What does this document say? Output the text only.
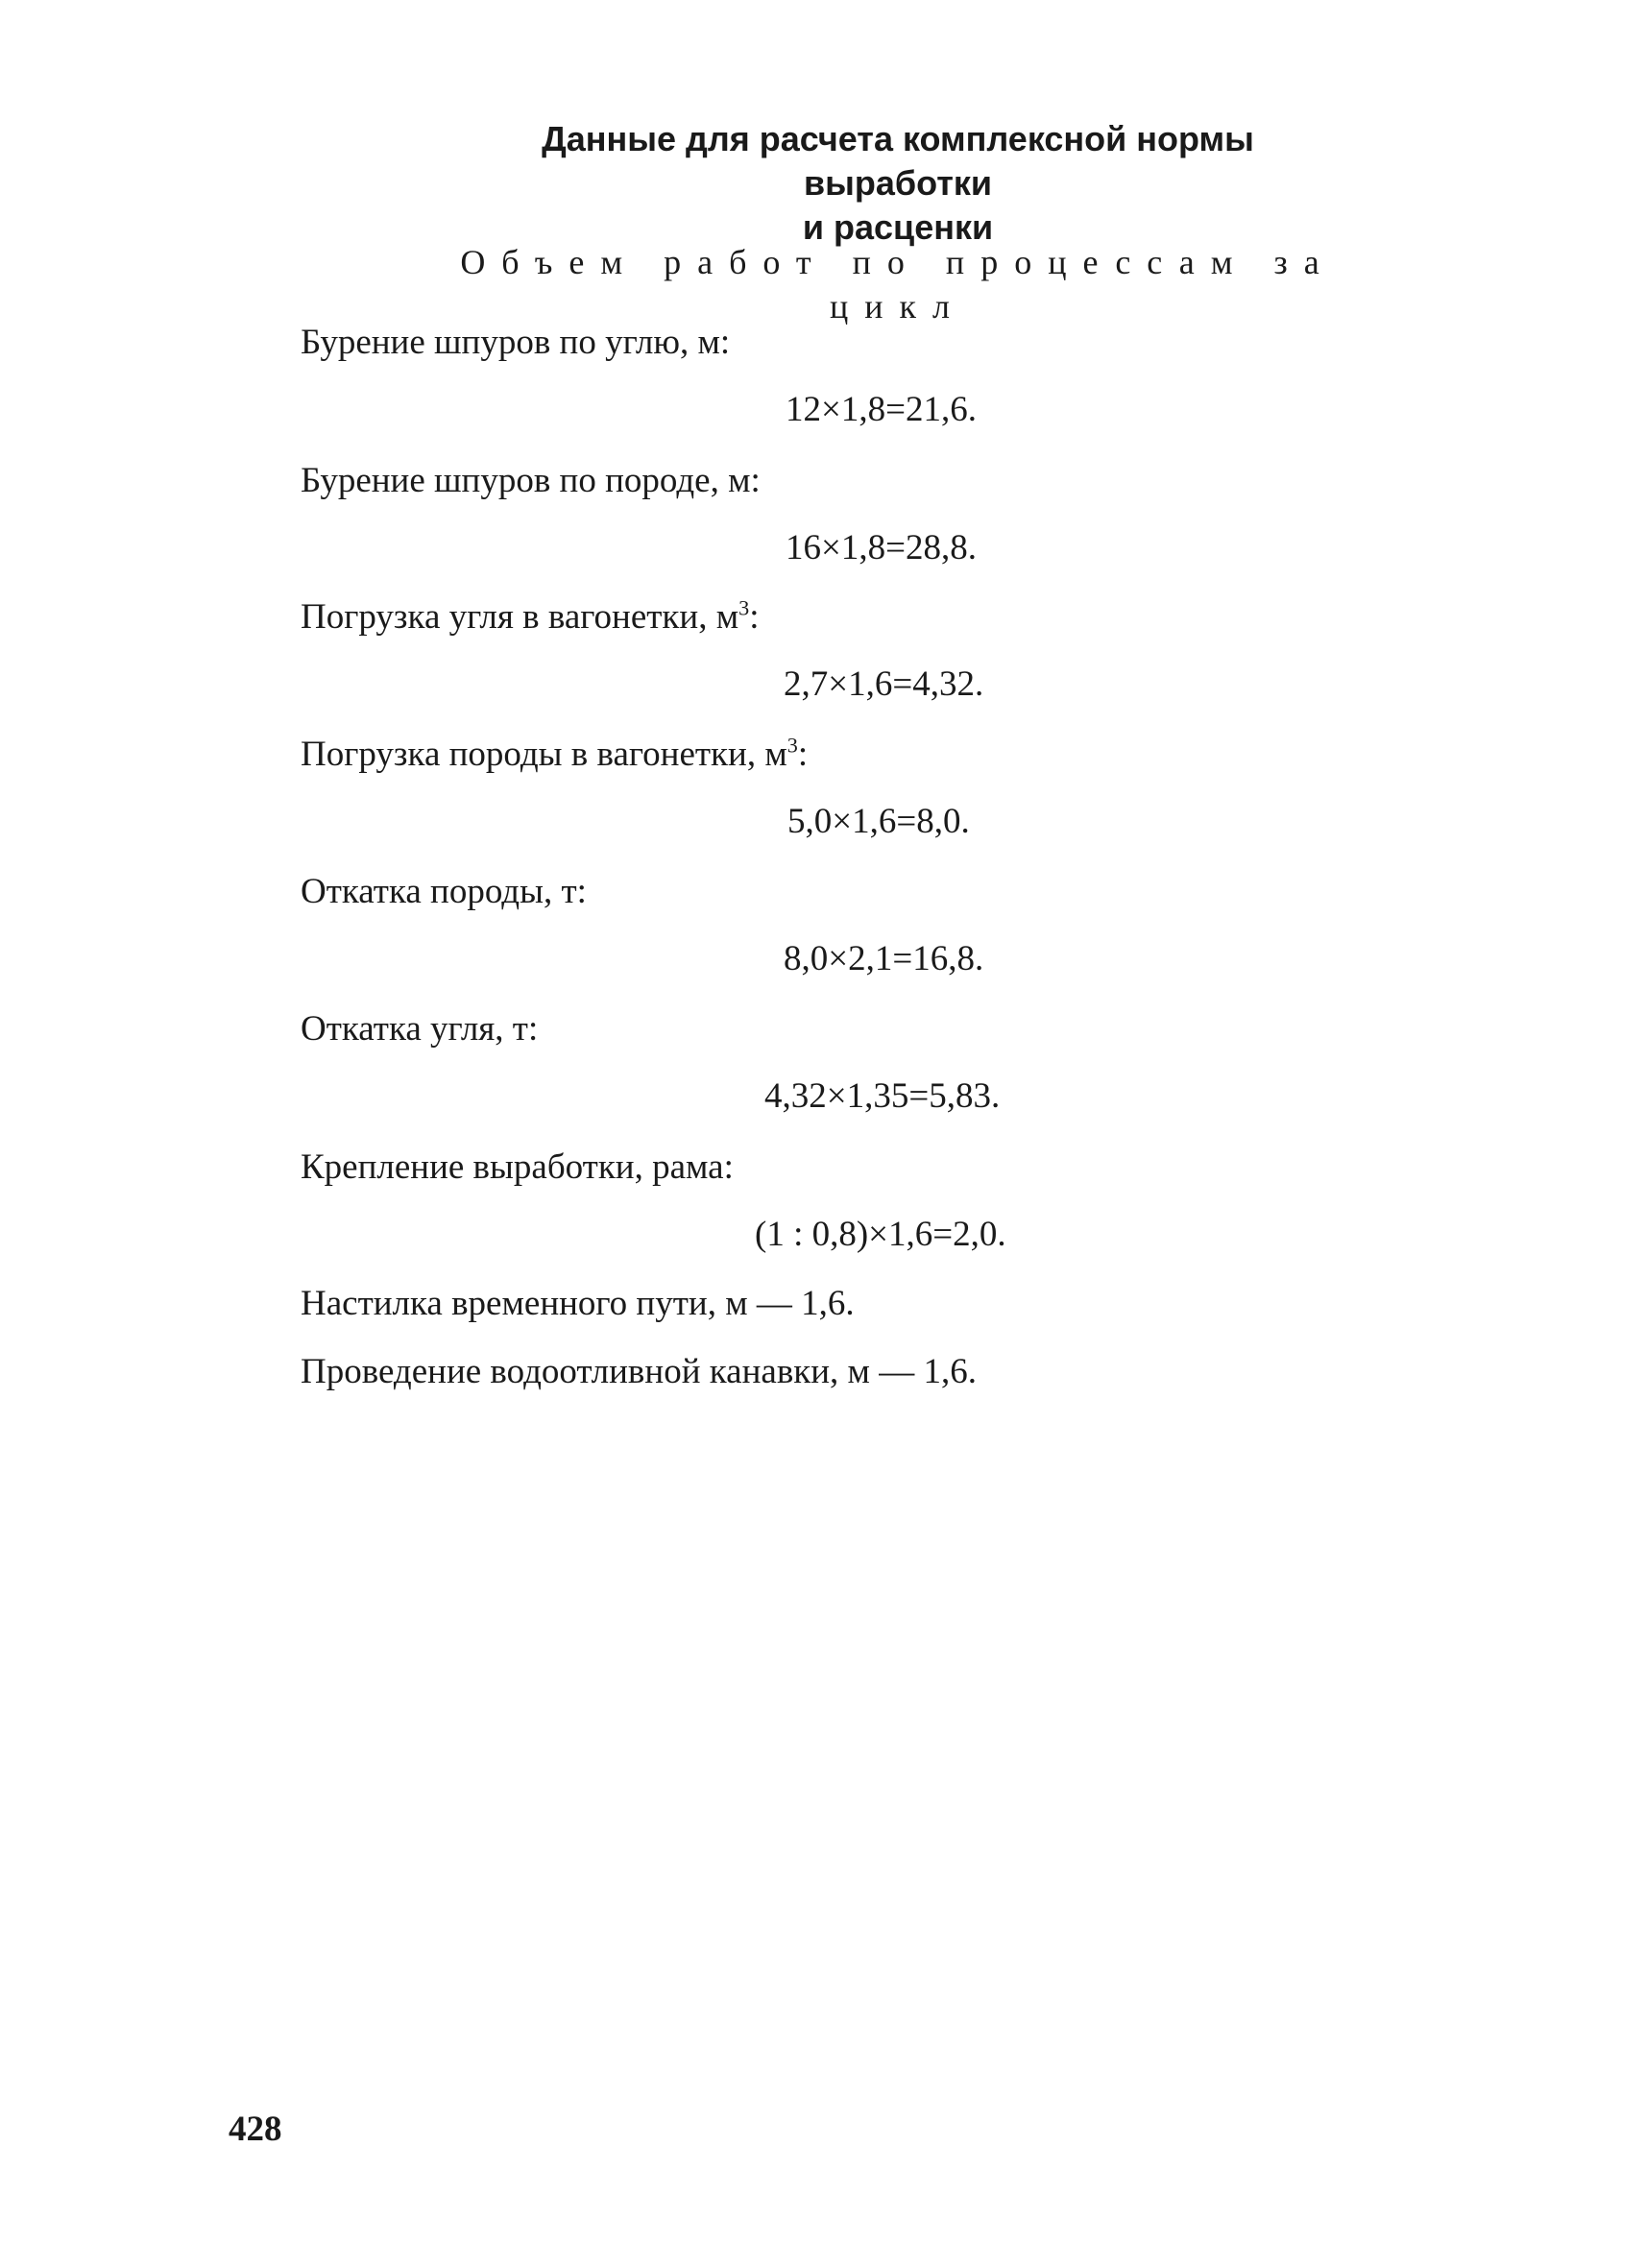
Данные для расчета комплексной нормы выработки
и расценки
Объем работ по процессам за цикл
Бурение шпуров по углю, м:
12×1,8=21,6.
Бурение шпуров по породе, м:
16×1,8=28,8.
Погрузка угля в вагонетки, $м^3$:
2,7×1,6=4,32.
Погрузка породы в вагонетки, $м^3$:
5,0×1,6=8,0.
Откатка породы, т:
8,0×2,1=16,8.
Откатка угля, т:
4,32×1,35=5,83.
Крепление выработки, рама:
(1 : 0,8)×1,6=2,0.
Настилка временного пути, м — 1,6.
Проведение водоотливной канавки, м — 1,6.
428
